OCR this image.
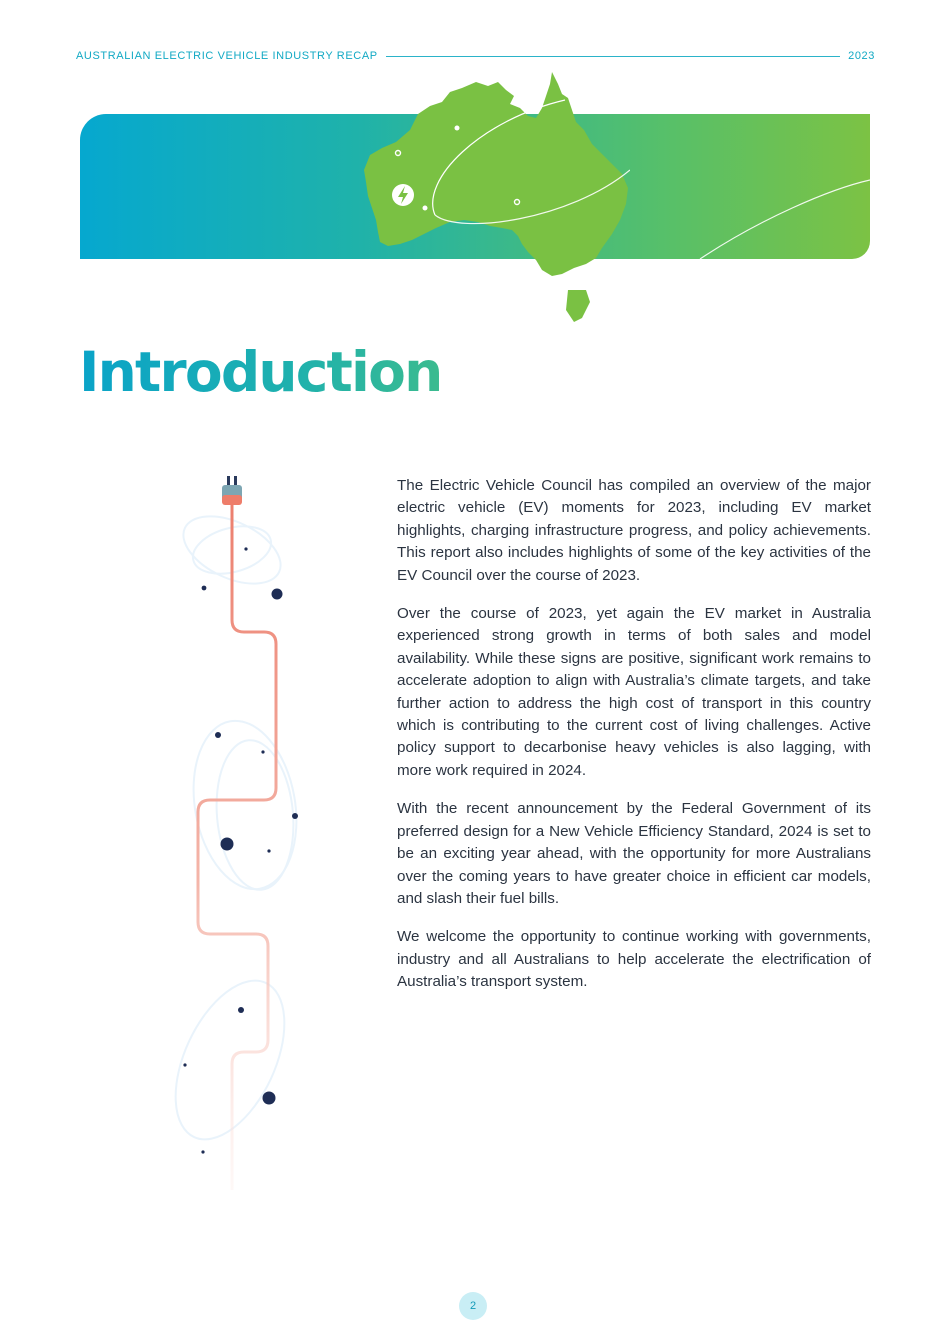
AUSTRALIAN ELECTRIC VEHICLE INDUSTRY RECAP	2023
Introduction

The Electric Vehicle Council has compiled an overview of the major electric vehicle (EV) moments for 2023, including EV market highlights, charging infrastructure progress, and policy achievements. This report also includes highlights of some of the key activities of the EV Council over the course of 2023.

Over the course of 2023, yet again the EV market in Australia experienced strong growth in terms of both sales and model availability. While these signs are positive, significant work remains to accelerate adoption to align with Australia’s climate targets, and take further action to address the high cost of transport in this country which is contributing to the current cost of living challenges. Active policy support to decarbonise heavy vehicles is also lagging, with more work required in 2024.

With the recent announcement by the Federal Government of its preferred design for a New Vehicle Efficiency Standard, 2024 is set to be an exciting year ahead, with the opportunity for more Australians over the coming years to have greater choice in efficient car models, and slash their fuel bills.

We welcome the opportunity to continue working with governments, industry and all Australians to help accelerate the electrification of Australia’s transport system.

2
